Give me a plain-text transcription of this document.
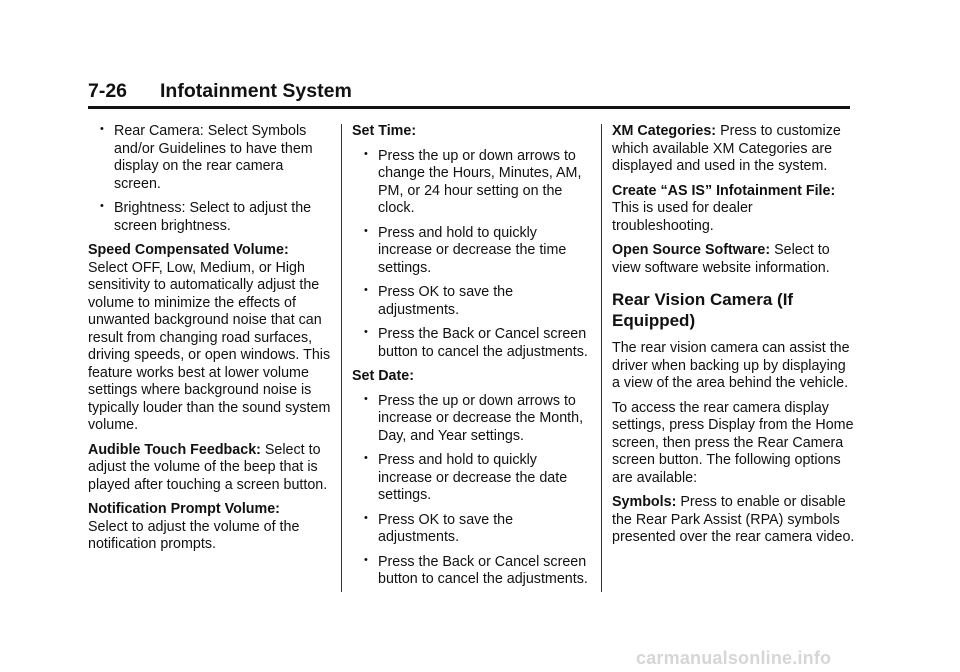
7-26 Infotainment System
• Rear Camera: Select Symbols and/or Guidelines to have them display on the rear camera screen.
• Brightness: Select to adjust the screen brightness.
Speed Compensated Volume:
Select OFF, Low, Medium, or High sensitivity to automatically adjust the volume to minimize the effects of unwanted background noise that can result from changing road surfaces, driving speeds, or open windows. This feature works best at lower volume settings where background noise is typically louder than the sound system volume.
Audible Touch Feedback: Select to adjust the volume of the beep that is played after touching a screen button.
Notification Prompt Volume:
Select to adjust the volume of the notification prompts.
Set Time:
• Press the up or down arrows to change the Hours, Minutes, AM, PM, or 24 hour setting on the clock.
• Press and hold to quickly increase or decrease the time settings.
• Press OK to save the adjustments.
• Press the Back or Cancel screen button to cancel the adjustments.
Set Date:
• Press the up or down arrows to increase or decrease the Month, Day, and Year settings.
• Press and hold to quickly increase or decrease the date settings.
• Press OK to save the adjustments.
• Press the Back or Cancel screen button to cancel the adjustments.
XM Categories: Press to customize which available XM Categories are displayed and used in the system.
Create “AS IS” Infotainment File: This is used for dealer troubleshooting.
Open Source Software: Select to view software website information.
Rear Vision Camera (If Equipped)
The rear vision camera can assist the driver when backing up by displaying a view of the area behind the vehicle.
To access the rear camera display settings, press Display from the Home screen, then press the Rear Camera screen button. The following options are available:
Symbols: Press to enable or disable the Rear Park Assist (RPA) symbols presented over the rear camera video.
carmanualsonline.info
